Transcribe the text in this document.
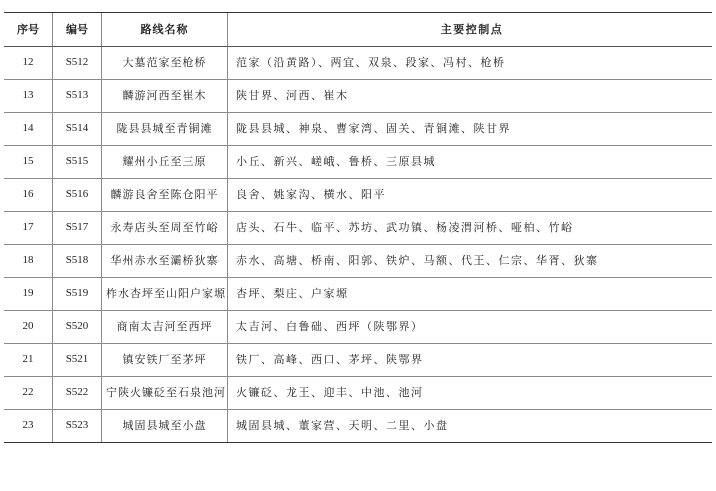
序号	编号	路线名称	主要控制点
12	S512	大墓范家至枪桥	范家（沿黄路）、两宜、双泉、段家、冯村、枪桥
13	S513	麟游河西至崔木	陕甘界、河西、崔木
14	S514	陇县县城至青铜滩	陇县县城、神泉、曹家湾、固关、青铜滩、陕甘界
15	S515	耀州小丘至三原	小丘、新兴、嵯峨、鲁桥、三原县城
16	S516	麟游良舍至陈仓阳平	良舍、姚家沟、横水、阳平
17	S517	永寿店头至周至竹峪	店头、石牛、临平、苏坊、武功镇、杨凌渭河桥、哑柏、竹峪
18	S518	华州赤水至灞桥狄寨	赤水、高塘、桥南、阳郭、铁炉、马额、代王、仁宗、华胥、狄寨
19	S519	柞水杏坪至山阳户家塬	杏坪、梨庄、户家塬
20	S520	商南太吉河至西坪	太吉河、白鲁础、西坪（陕鄂界）
21	S521	镇安铁厂至茅坪	铁厂、高峰、西口、茅坪、陕鄂界
22	S522	宁陕火镰砭至石泉池河	火镰砭、龙王、迎丰、中池、池河
23	S523	城固县城至小盘	城固县城、董家营、天明、二里、小盘
